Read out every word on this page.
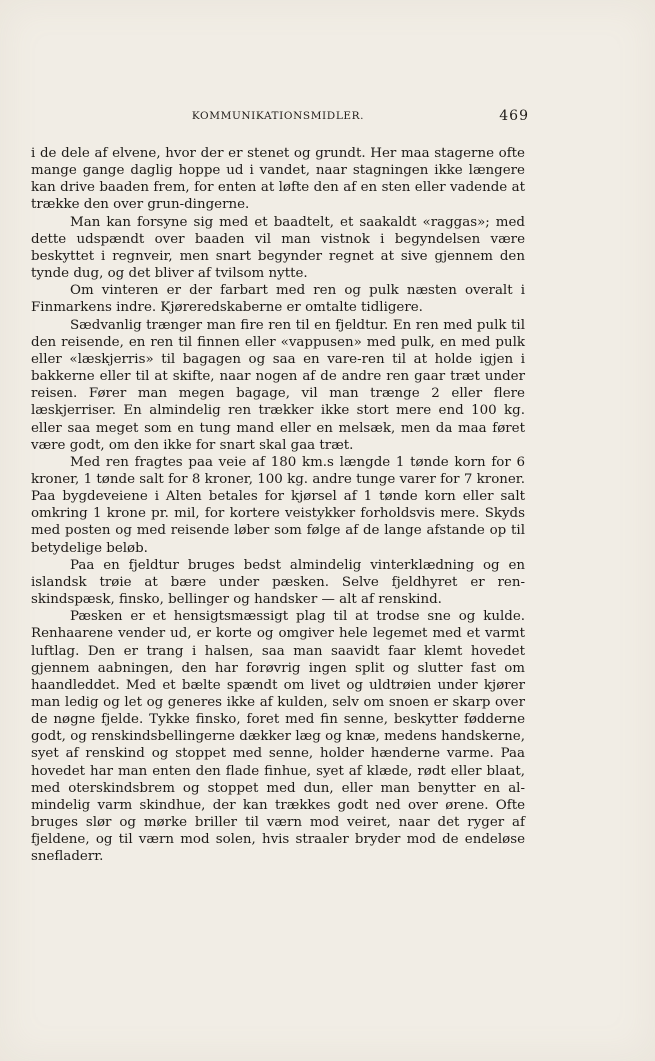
KOMMUNIKATIONSMIDLER.	469

i de dele af elvene, hvor der er stenet og grundt. Her maa stagerne ofte mange gange daglig hoppe ud i vandet, naar stagningen ikke længere kan drive baaden frem, for enten at løfte den af en sten eller vadende at trække den over grun-dingerne.

Man kan forsyne sig med et baadtelt, et saakaldt «raggas»; med dette udspændt over baaden vil man vistnok i begyndelsen være beskyttet i regnveir, men snart begynder regnet at sive gjennem den tynde dug, og det bliver af tvilsom nytte.

Om vinteren er der farbart med ren og pulk næsten overalt i Finmarkens indre. Kjøreredskaberne er omtalte tidligere.

Sædvanlig trænger man fire ren til en fjeldtur. En ren med pulk til den reisende, en ren til finnen eller «vappusen» med pulk, en med pulk eller «læskjerris» til bagagen og saa en vare-ren til at holde igjen i bakkerne eller til at skifte, naar nogen af de andre ren gaar træt under reisen. Fører man megen bagage, vil man trænge 2 eller flere læskjerriser. En almindelig ren trækker ikke stort mere end 100 kg. eller saa meget som en tung mand eller en melsæk, men da maa føret være godt, om den ikke for snart skal gaa træt.

Med ren fragtes paa veie af 180 km.s længde 1 tønde korn for 6 kroner, 1 tønde salt for 8 kroner, 100 kg. andre tunge varer for 7 kroner. Paa bygdeveiene i Alten betales for kjørsel af 1 tønde korn eller salt omkring 1 krone pr. mil, for kortere veistykker forholdsvis mere. Skyds med posten og med reisende løber som følge af de lange afstande op til betydelige beløb.

Paa en fjeldtur bruges bedst almindelig vinterklædning og en islandsk trøie at bære under pæsken. Selve fjeldhyret er ren-skindspæsk, finsko, bellinger og handsker — alt af renskind.

Pæsken er et hensigtsmæssigt plag til at trodse sne og kulde. Renhaarene vender ud, er korte og omgiver hele legemet med et varmt luftlag. Den er trang i halsen, saa man saavidt faar klemt hovedet gjennem aabningen, den har forøvrig ingen split og slutter fast om haandleddet. Med et bælte spændt om livet og uldtrøien under kjører man ledig og let og generes ikke af kulden, selv om snoen er skarp over de nøgne fjelde. Tykke finsko, foret med fin senne, beskytter fødderne godt, og renskindsbellingerne dækker læg og knæ, medens handskerne, syet af renskind og stoppet med senne, holder hænderne varme. Paa hovedet har man enten den flade finhue, syet af klæde, rødt eller blaat, med oterskindsbrem og stoppet med dun, eller man benytter en al-mindelig varm skindhue, der kan trækkes godt ned over ørene. Ofte bruges slør og mørke briller til værn mod veiret, naar det ryger af fjeldene, og til værn mod solen, hvis straaler bryder mod de endeløse snefladerr.
